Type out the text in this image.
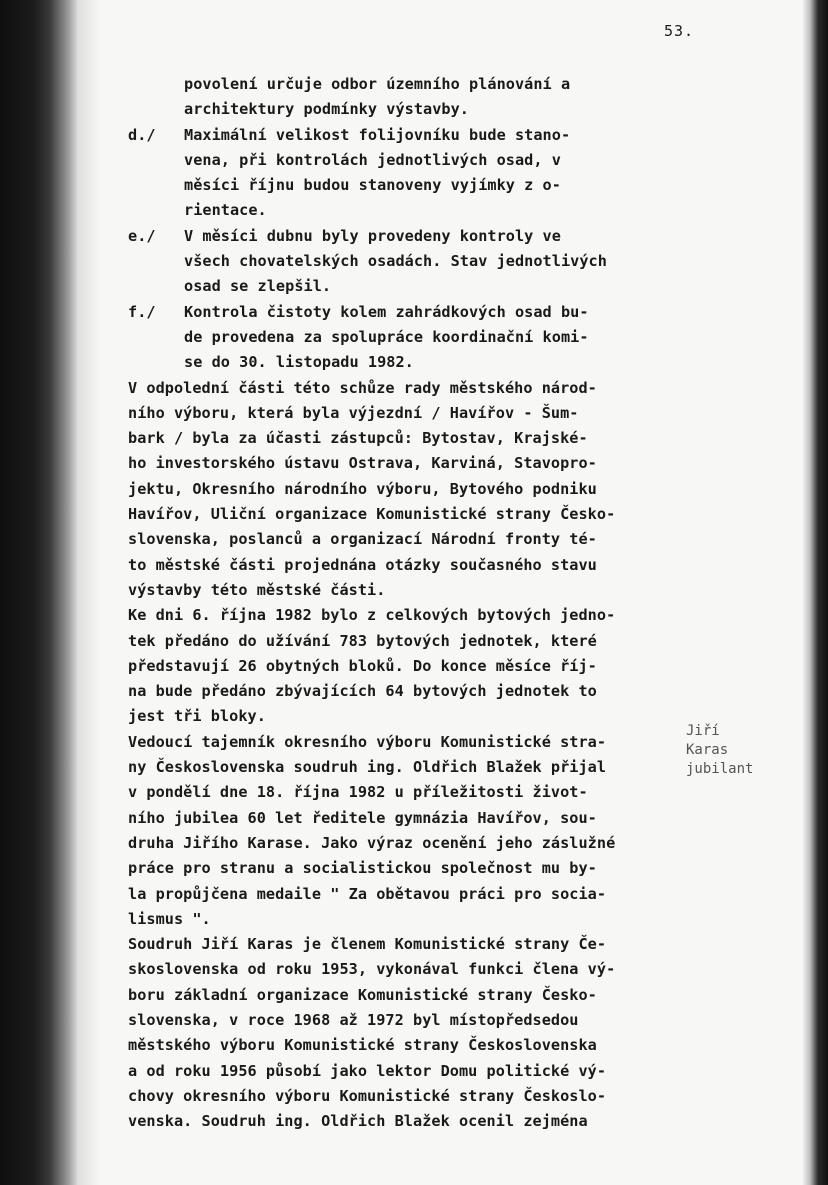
53.
povolení určuje odbor územního plánování a
architektury podmínky výstavby.
d./ Maximální velikost folijovníku bude stano-
vena, při kontrolách jednotlivých osad, v
měsíci říjnu budou stanoveny vyjímky z o-
rientace.
e./ V měsíci dubnu byly provedeny kontroly ve
všech chovatelských osadách. Stav jednotlivých
osad se zlepšil.
f./ Kontrola čistoty kolem zahrádkových osad bu-
de provedena za spolupráce koordinační komi-
se do 30. listopadu 1982.
V odpolední části této schůze rady městského národ-
ního výboru, která byla výjezdní / Havířov - Šum-
bark / byla za účasti zástupců: Bytostav, Krajské-
ho investorského ústavu Ostrava, Karviná, Stavopro-
jektu, Okresního národního výboru, Bytového podniku
Havířov, Uliční organizace Komunistické strany Česko-
slovenska, poslanců a organizací Národní fronty té-
to městské části projednána otázky současného stavu
výstavby této městské části.
Ke dni 6. října 1982 bylo z celkových bytových jedno-
tek předáno do užívání 783 bytových jednotek, které
představují 26 obytných bloků. Do konce měsíce říj-
na bude předáno zbývajících 64 bytových jednotek to
jest tři bloky.
Vedoucí tajemník okresního výboru Komunistické stra-
ny Československa soudruh ing. Oldřich Blažek přijal
v pondělí dne 18. října 1982 u příležitosti život-
ního jubilea 60 let ředitele gymnázia Havířov, sou-
druha Jiřího Karase. Jako výraz ocenění jeho záslužné
práce pro stranu a socialistickou společnost mu by-
la propůjčena medaile " Za obětavou práci pro socia-
lismus ".
Soudruh Jiří Karas je členem Komunistické strany Če-
skoslovenska od roku 1953, vykonával funkci člena vý-
boru základní organizace Komunistické strany Česko-
slovenska, v roce 1968 až 1972 byl místopředsedou
městského výboru Komunistické strany Československa
a od roku 1956 působí jako lektor Domu politické vý-
chovy okresního výboru Komunistické strany Českoslo-
venska. Soudruh ing. Oldřich Blažek ocenil zejména
Jiří
Karas
jubilant
